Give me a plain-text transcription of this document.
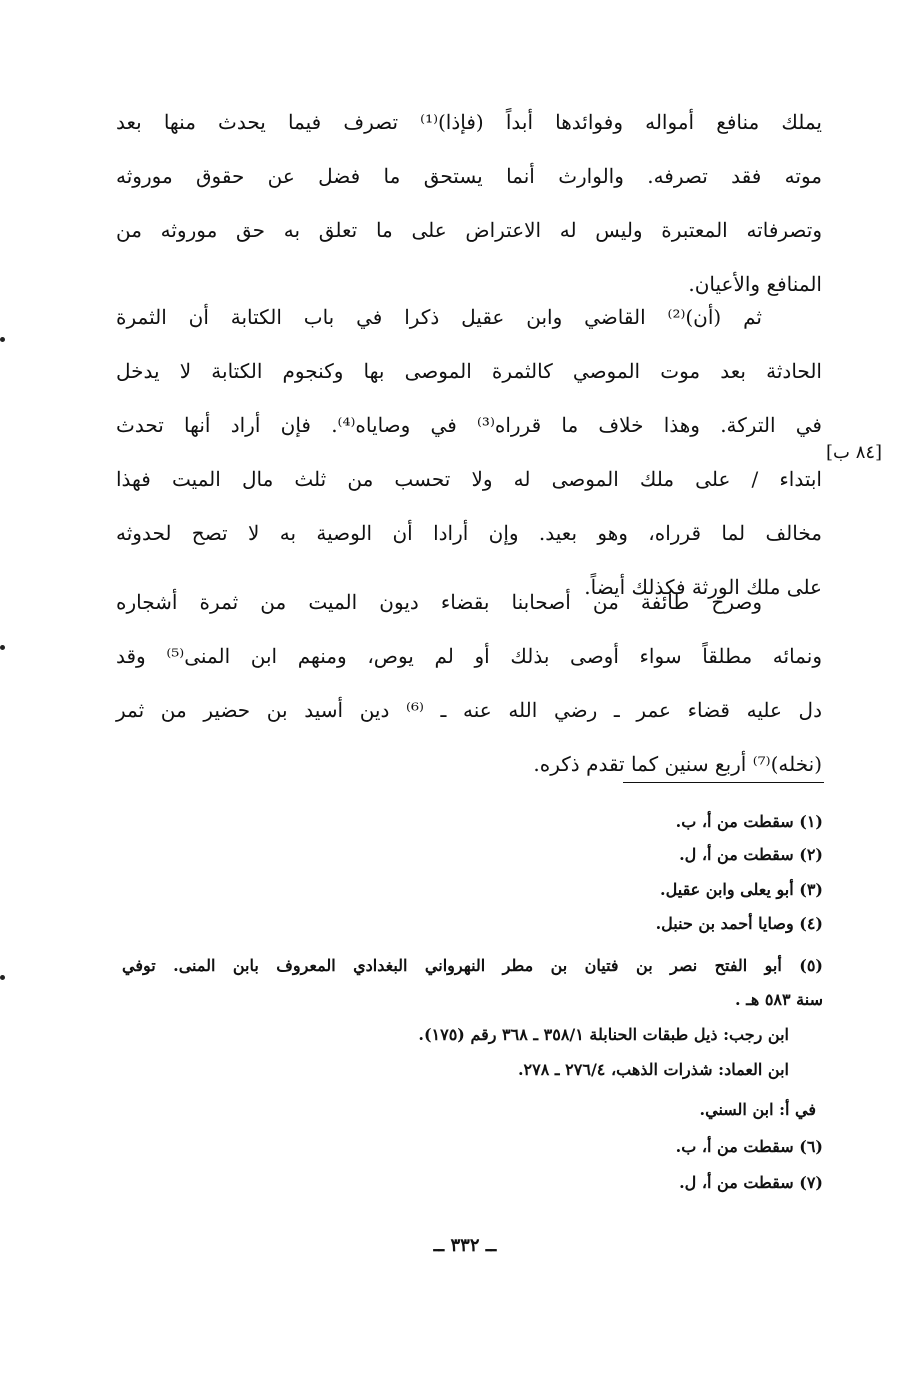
يملك منافع أمواله وفوائدها أبداً (فإذا)⁽¹⁾ تصرف فيما يحدث منها بعد
موته فقد تصرفه. والوارث أنما يستحق ما فضل عن حقوق موروثه
وتصرفاته المعتبرة وليس له الاعتراض على ما تعلق به حق موروثه من
المنافع والأعيان.
ثم (أن)⁽²⁾ القاضي وابن عقيل ذكرا في باب الكتابة أن الثمرة
الحادثة بعد موت الموصي كالثمرة الموصى بها وكنجوم الكتابة لا يدخل
في التركة. وهذا خلاف ما قرراه⁽³⁾ في وصاياه⁽⁴⁾. فإن أراد أنها تحدث
ابتداء / على ملك الموصى له ولا تحسب من ثلث مال الميت فهذا
مخالف لما قرراه، وهو بعيد. وإن أرادا أن الوصية به لا تصح لحدوثه
على ملك الورثة فكذلك أيضاً.
[٨٤ ب]
وصرح طائفة من أصحابنا بقضاء ديون الميت من ثمرة أشجاره
ونمائه مطلقاً سواء أوصى بذلك أو لم يوص، ومنهم ابن المنى⁽⁵⁾ وقد
دل عليه قضاء عمر ـ رضي الله عنه ـ ⁽⁶⁾ دين أسيد بن حضير من ثمر
(نخله)⁽⁷⁾ أربع سنين كما تقدم ذكره.
(١) سقطت من أ، ب.
(٢) سقطت من أ، ل.
(٣) أبو يعلى وابن عقيل.
(٤) وصايا أحمد بن حنبل.
(٥) أبو الفتح نصر بن فتيان بن مطر النهرواني البغدادي المعروف بابن المنى. توفي
سنة ٥٨٣ هـ .
ابن رجب: ذيل طبقات الحنابلة ٣٥٨/١ ـ ٣٦٨ رقم (١٧٥).
ابن العماد: شذرات الذهب، ٢٧٦/٤ ـ ٢٧٨.
في أ: ابن السني.
(٦) سقطت من أ، ب.
(٧) سقطت من أ، ل.
ــ ٣٣٢ ــ
